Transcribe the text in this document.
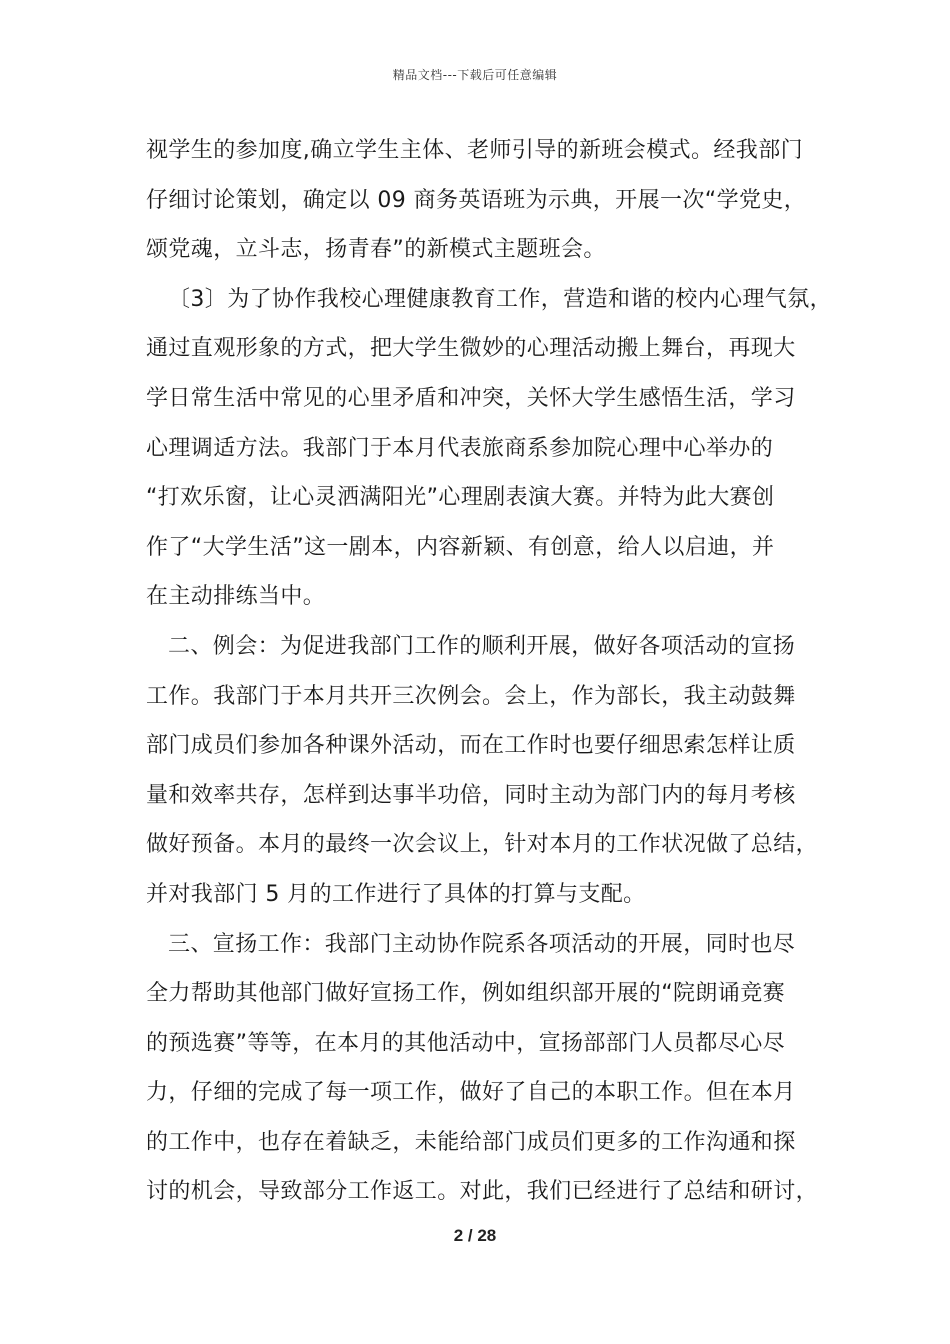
精品文档---下载后可任意编辑
视学生的参加度,确立学生主体、老师引导的新班会模式。经我部门
仔细讨论策划，确定以 09 商务英语班为示典，开展一次“学党史，
颂党魂，立斗志，扬青春”的新模式主题班会。
〔3〕为了协作我校心理健康教育工作，营造和谐的校内心理气氛，
通过直观形象的方式，把大学生微妙的心理活动搬上舞台，再现大
学日常生活中常见的心里矛盾和冲突，关怀大学生感悟生活，学习
心理调适方法。我部门于本月代表旅商系参加院心理中心举办的
“打欢乐窗，让心灵洒满阳光”心理剧表演大赛。并特为此大赛创
作了“大学生活”这一剧本，内容新颖、有创意，给人以启迪，并
在主动排练当中。
二、例会：为促进我部门工作的顺利开展，做好各项活动的宣扬
工作。我部门于本月共开三次例会。会上，作为部长，我主动鼓舞
部门成员们参加各种课外活动，而在工作时也要仔细思索怎样让质
量和效率共存，怎样到达事半功倍，同时主动为部门内的每月考核
做好预备。本月的最终一次会议上，针对本月的工作状况做了总结，
并对我部门 5 月的工作进行了具体的打算与支配。
三、宣扬工作：我部门主动协作院系各项活动的开展，同时也尽
全力帮助其他部门做好宣扬工作，例如组织部开展的“院朗诵竞赛
的预选赛”等等，在本月的其他活动中，宣扬部部门人员都尽心尽
力，仔细的完成了每一项工作，做好了自己的本职工作。但在本月
的工作中，也存在着缺乏，未能给部门成员们更多的工作沟通和探
讨的机会，导致部分工作返工。对此，我们已经进行了总结和研讨，
2 / 28
